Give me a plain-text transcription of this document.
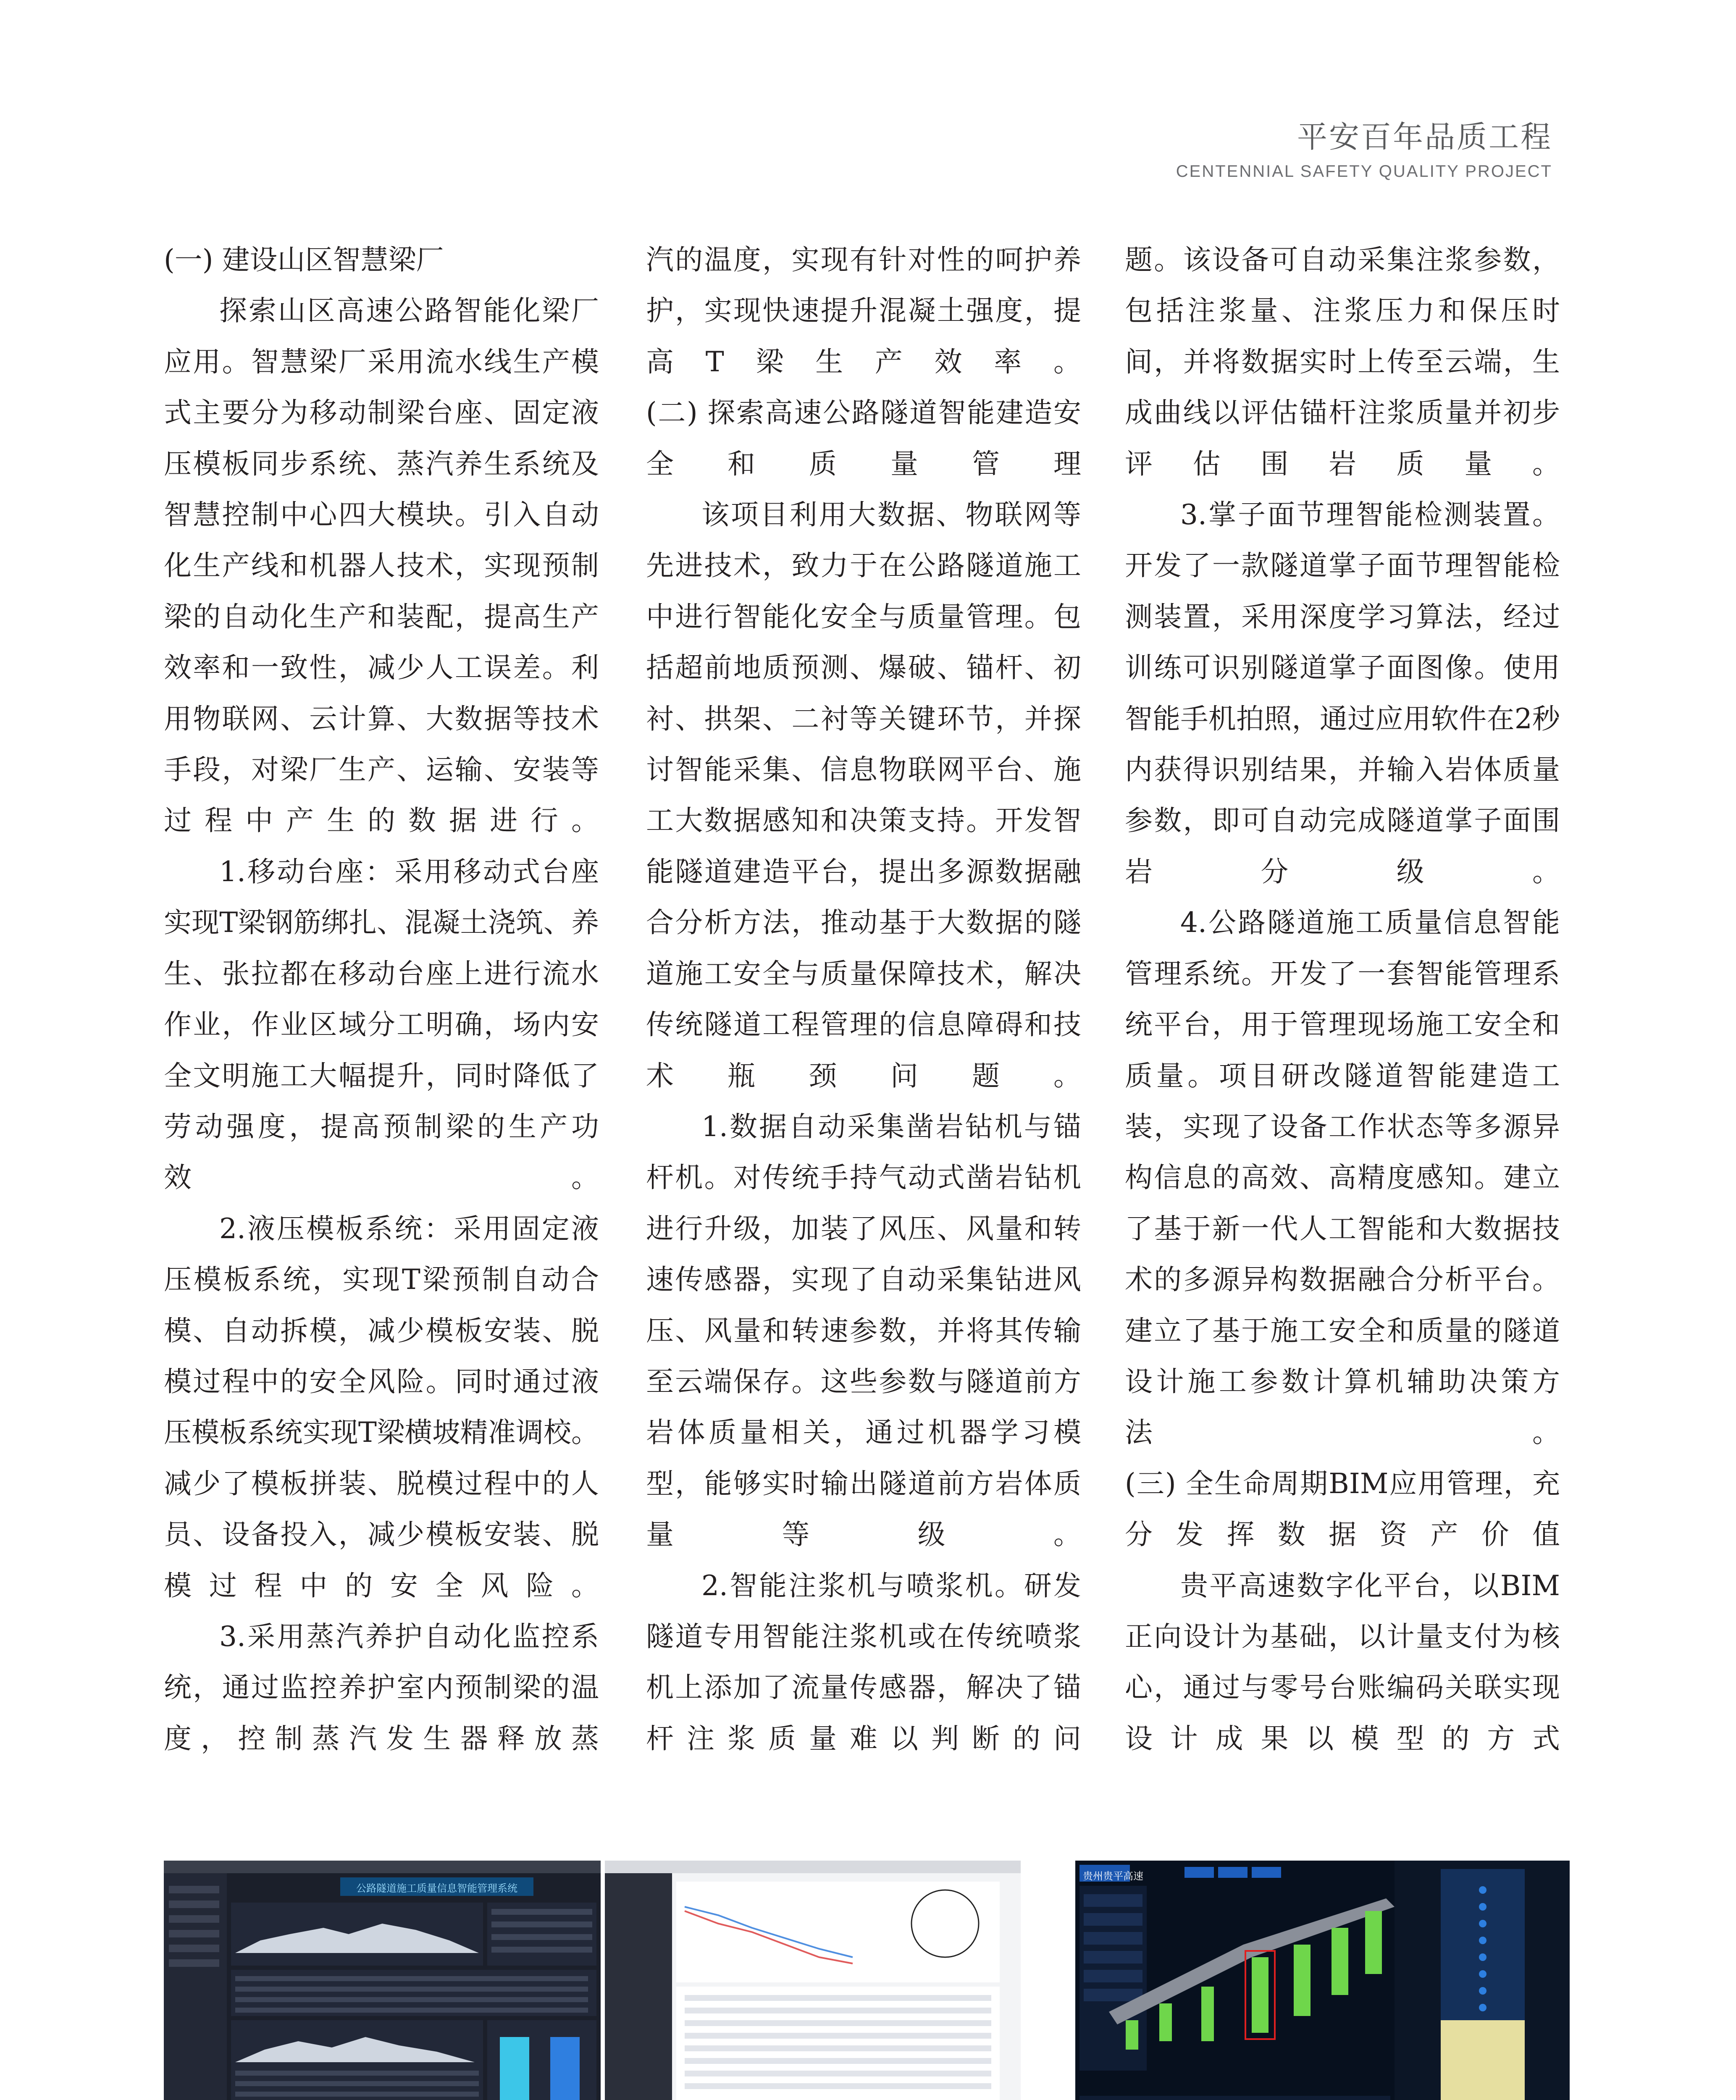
平安百年品质工程
CENTENNIAL SAFETY QUALITY PROJECT

(一) 建设山区智慧梁厂

探索山区高速公路智能化梁厂应用。智慧梁厂采用流水线生产模式主要分为移动制梁台座、固定液压模板同步系统、蒸汽养生系统及智慧控制中心四大模块。引入自动化生产线和机器人技术，实现预制梁的自动化生产和装配，提高生产效率和一致性，减少人工误差。利用物联网、云计算、大数据等技术手段，对梁厂生产、运输、安装等过程中产生的数据进行。

1.移动台座：采用移动式台座实现T梁钢筋绑扎、混凝土浇筑、养生、张拉都在移动台座上进行流水作业，作业区域分工明确，场内安全文明施工大幅提升，同时降低了劳动强度，提高预制梁的生产功效。

2.液压模板系统：采用固定液压模板系统，实现T梁预制自动合模、自动拆模，减少模板安装、脱模过程中的安全风险。同时通过液压模板系统实现T梁横坡精准调校。减少了模板拼装、脱模过程中的人员、设备投入，减少模板安装、脱模过程中的安全风险。

3.采用蒸汽养护自动化监控系统，通过监控养护室内预制梁的温度，控制蒸汽发生器释放蒸

汽的温度，实现有针对性的呵护养护，实现快速提升混凝土强度，提高T梁生产效率。

(二) 探索高速公路隧道智能建造安全和质量管理

该项目利用大数据、物联网等先进技术，致力于在公路隧道施工中进行智能化安全与质量管理。包括超前地质预测、爆破、锚杆、初衬、拱架、二衬等关键环节，并探讨智能采集、信息物联网平台、施工大数据感知和决策支持。开发智能隧道建造平台，提出多源数据融合分析方法，推动基于大数据的隧道施工安全与质量保障技术，解决传统隧道工程管理的信息障碍和技术瓶颈问题。

1.数据自动采集凿岩钻机与锚杆机。对传统手持气动式凿岩钻机进行升级，加装了风压、风量和转速传感器，实现了自动采集钻进风压、风量和转速参数，并将其传输至云端保存。这些参数与隧道前方岩体质量相关，通过机器学习模型，能够实时输出隧道前方岩体质量等级。

2.智能注浆机与喷浆机。研发隧道专用智能注浆机或在传统喷浆机上添加了流量传感器，解决了锚杆注浆质量难以判断的问

题。该设备可自动采集注浆参数，包括注浆量、注浆压力和保压时间，并将数据实时上传至云端，生成曲线以评估锚杆注浆质量并初步评估围岩质量。

3.掌子面节理智能检测装置。开发了一款隧道掌子面节理智能检测装置，采用深度学习算法，经过训练可识别隧道掌子面图像。使用智能手机拍照，通过应用软件在2秒内获得识别结果，并输入岩体质量参数，即可自动完成隧道掌子面围岩分级。

4.公路隧道施工质量信息智能管理系统。开发了一套智能管理系统平台，用于管理现场施工安全和质量。项目研改隧道智能建造工装，实现了设备工作状态等多源异构信息的高效、高精度感知。建立了基于新一代人工智能和大数据技术的多源异构数据融合分析平台。建立了基于施工安全和质量的隧道设计施工参数计算机辅助决策方法。

(三) 全生命周期BIM应用管理，充分发挥数据资产价值

贵平高速数字化平台，以BIM正向设计为基础，以计量支付为核心，通过与零号台账编码关联实现设计成果以模型的方式

公路隧道施工质量信息智能管理系统
贵州贵平高速
